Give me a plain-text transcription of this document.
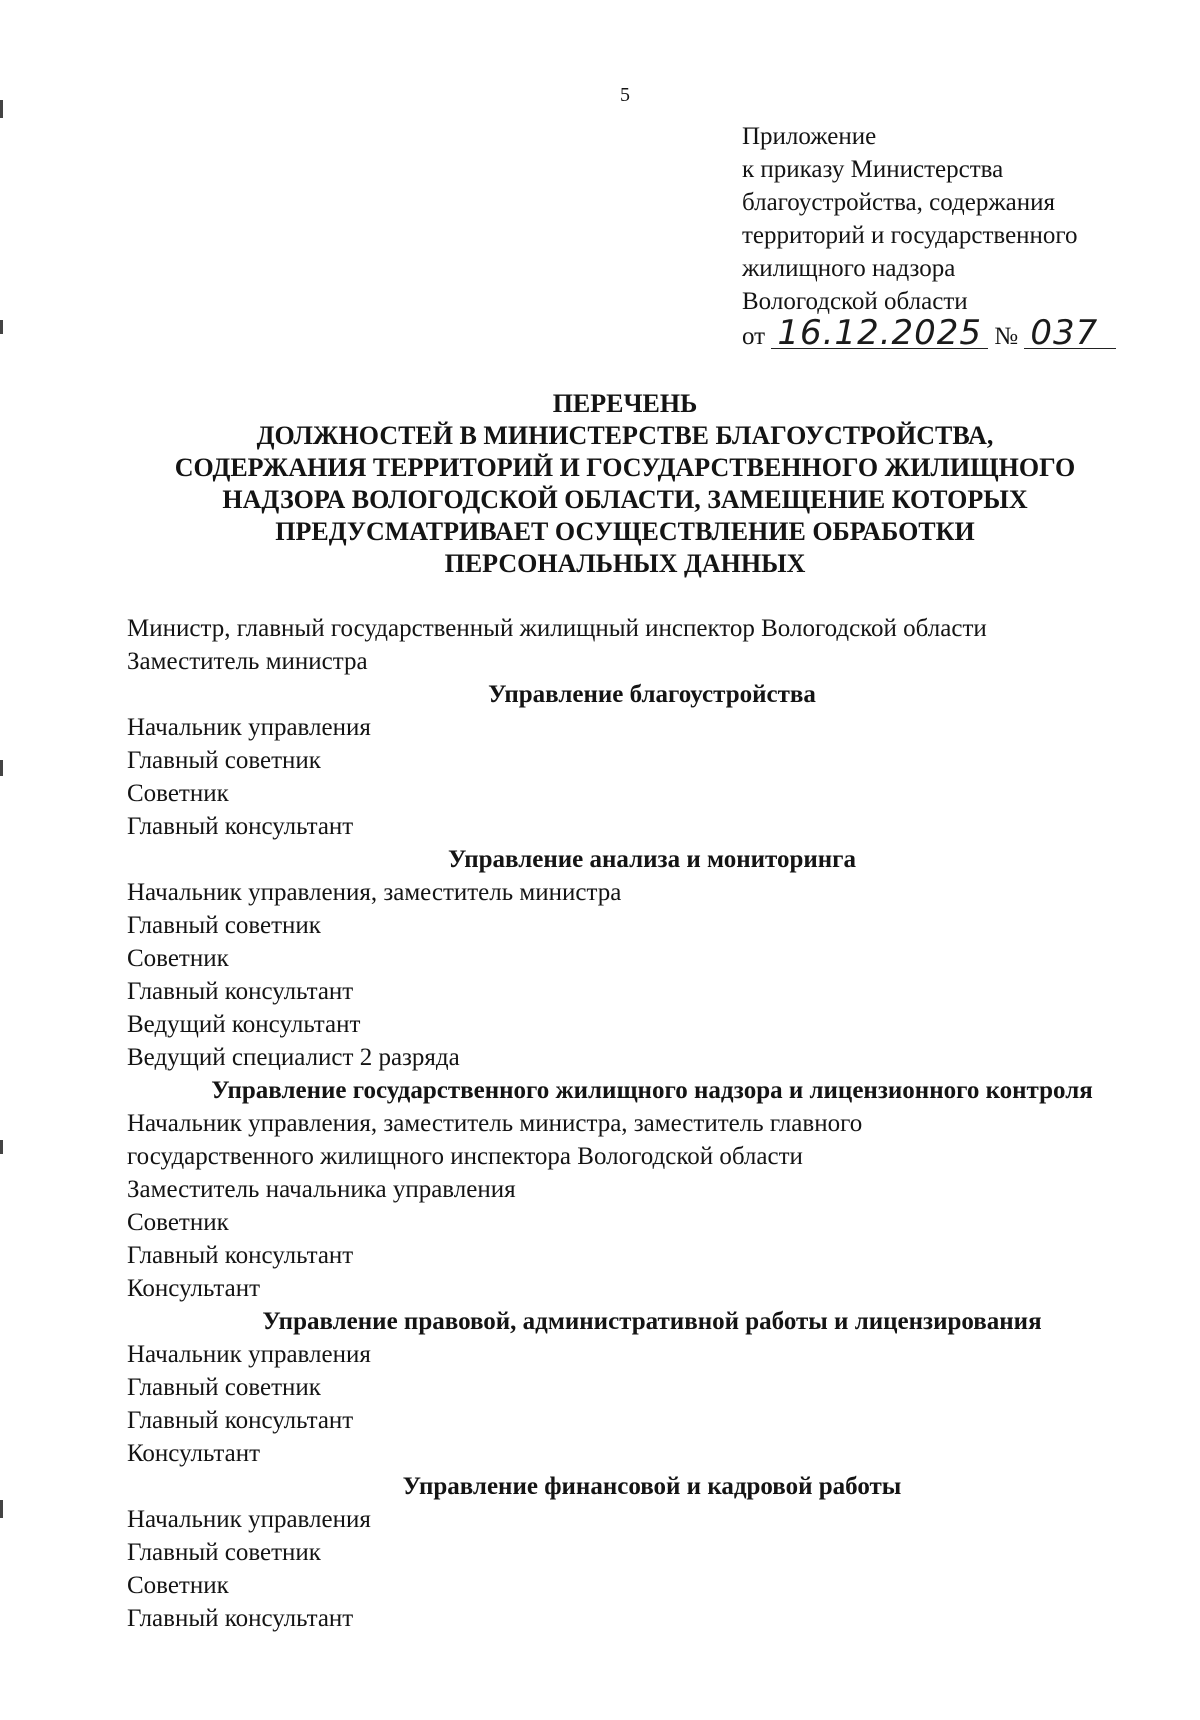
5
Приложение
к приказу Министерства
благоустройства, содержания
территорий и государственного
жилищного надзора
Вологодской области
от 16.12.2025 № 037
ПЕРЕЧЕНЬ
ДОЛЖНОСТЕЙ В МИНИСТЕРСТВЕ БЛАГОУСТРОЙСТВА,
СОДЕРЖАНИЯ ТЕРРИТОРИЙ И ГОСУДАРСТВЕННОГО ЖИЛИЩНОГО
НАДЗОРА ВОЛОГОДСКОЙ ОБЛАСТИ, ЗАМЕЩЕНИЕ КОТОРЫХ
ПРЕДУСМАТРИВАЕТ ОСУЩЕСТВЛЕНИЕ ОБРАБОТКИ
ПЕРСОНАЛЬНЫХ ДАННЫХ
Министр, главный государственный жилищный инспектор Вологодской области
Заместитель министра
Управление благоустройства
Начальник управления
Главный советник
Советник
Главный консультант
Управление анализа и мониторинга
Начальник управления, заместитель министра
Главный советник
Советник
Главный консультант
Ведущий консультант
Ведущий специалист 2 разряда
Управление государственного жилищного надзора и лицензионного контроля
Начальник управления, заместитель министра, заместитель главного
государственного жилищного инспектора Вологодской области
Заместитель начальника управления
Советник
Главный консультант
Консультант
Управление правовой, административной работы и лицензирования
Начальник управления
Главный советник
Главный консультант
Консультант
Управление финансовой и кадровой работы
Начальник управления
Главный советник
Советник
Главный консультант
